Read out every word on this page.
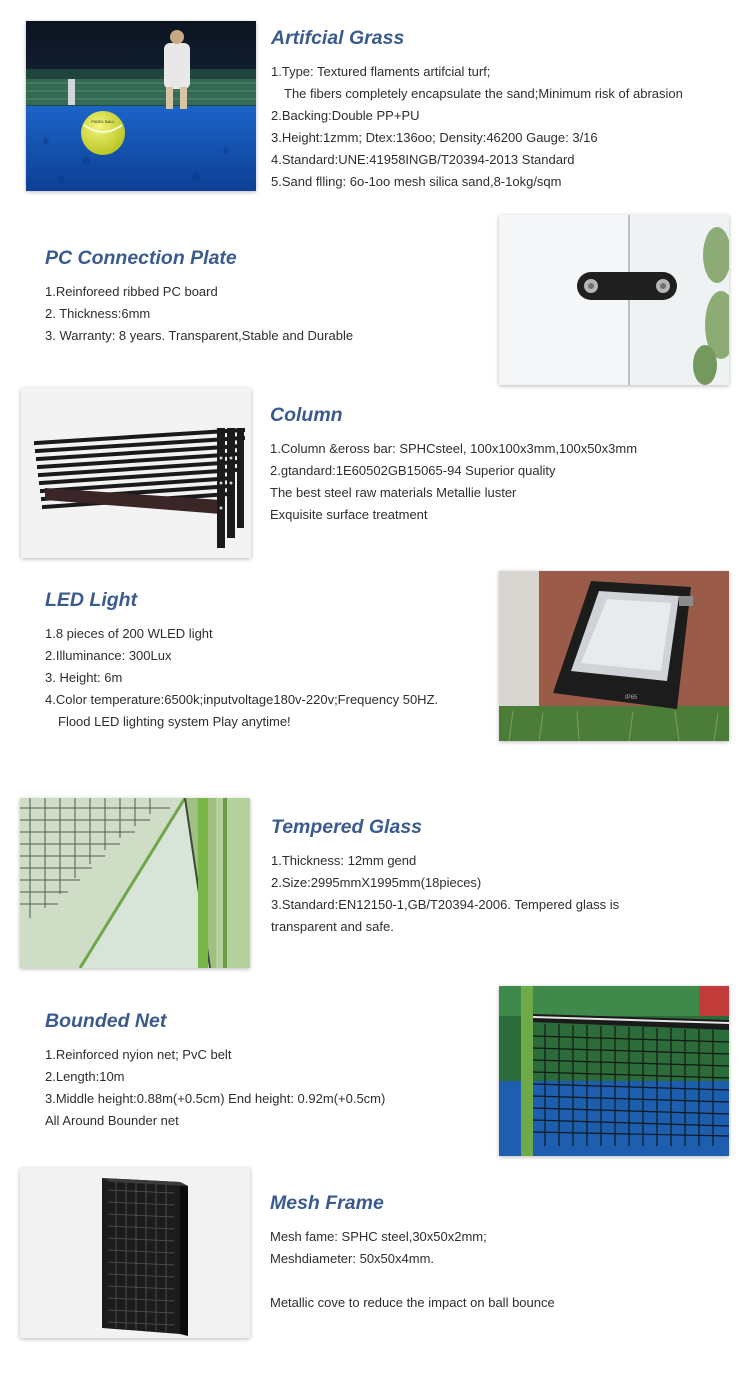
PADEL BALL
Artifcial Grass
1.Type: Textured flaments artifcial turf;
The fibers completely encapsulate the sand;Minimum risk of abrasion
2.Backing:Double PP+PU
3.Height:1zmm; Dtex:136oo; Density:46200 Gauge: 3/16
4.Standard:UNE:41958INGB/T20394-2013 Standard
5.Sand flling: 6o-1oo mesh silica sand,8-1okg/sqm
PC Connection Plate
1.Reinforeed ribbed PC board
2. Thickness:6mm
3. Warranty: 8 years. Transparent,Stable and Durable
Column
1.Column &eross bar: SPHCsteel, 100x100x3mm,100x50x3mm
2.gtandard:1E60502GB15065-94 Superior quality
The best steel raw materials Metallie luster
Exquisite surface treatment
LED Light
1.8 pieces of 200 WLED light
2.Illuminance: 300Lux
3. Height: 6m
4.Color temperature:6500k;inputvoltage180v-220v;Frequency 50HZ.
Flood LED lighting system Play anytime!
IP65
Tempered Glass
1.Thickness: 12mm gend
2.Size:2995mmX1995mm(18pieces)
3.Standard:EN12150-1,GB/T20394-2006. Tempered glass is
transparent and safe.
Bounded Net
1.Reinforced nyion net; PvC belt
2.Length:10m
3.Middle height:0.88m(+0.5cm) End height: 0.92m(+0.5cm)
All Around Bounder net
Mesh Frame
Mesh fame: SPHC steel,30x50x2mm;
Meshdiameter: 50x50x4mm.
Metallic cove to reduce the impact on ball bounce
